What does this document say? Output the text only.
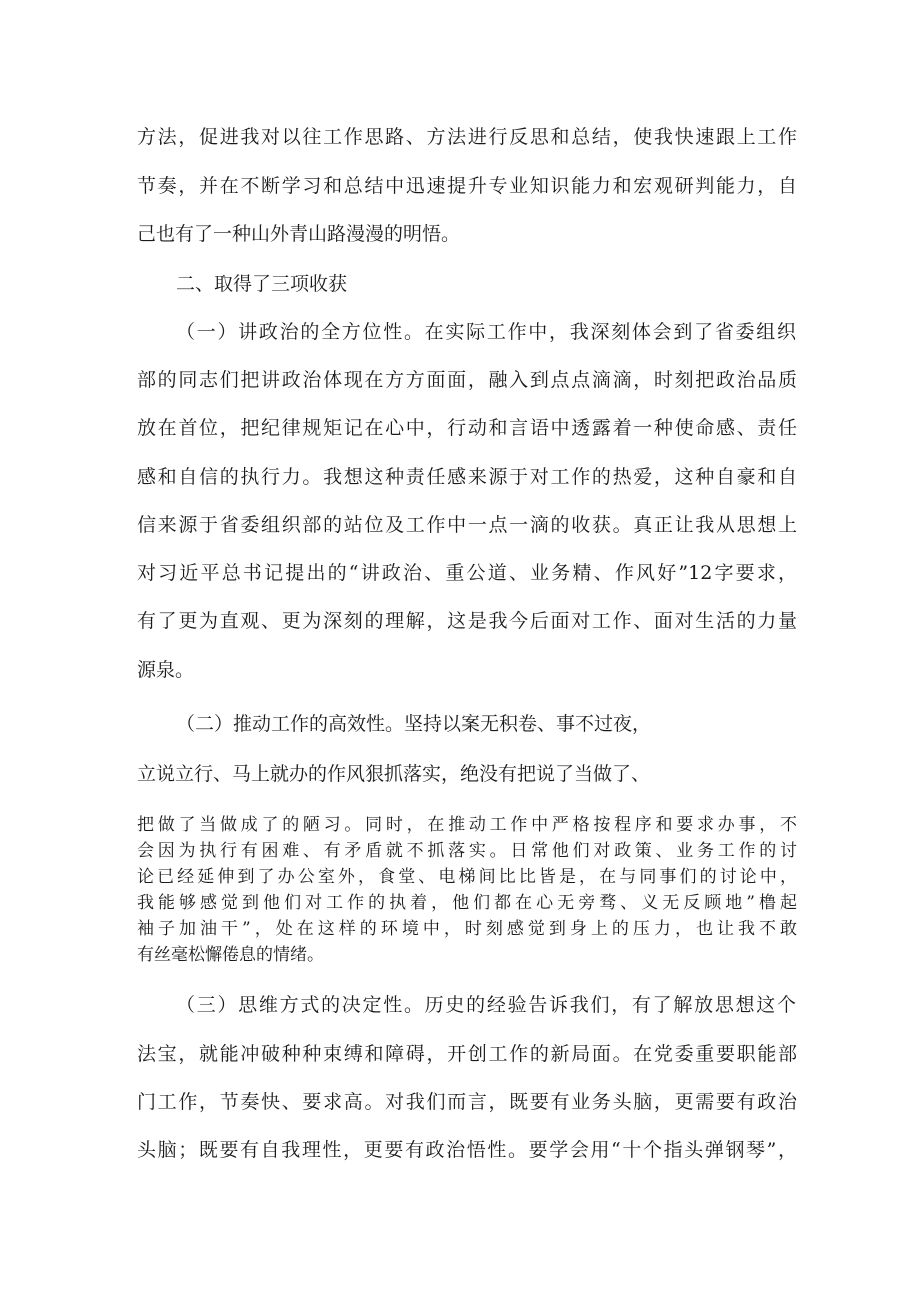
方法，促进我对以往工作思路、方法进行反思和总结，使我快速跟上工作

节奏，并在不断学习和总结中迅速提升专业知识能力和宏观研判能力，自

己也有了一种山外青山路漫漫的明悟。

二、取得了三项收获

（一）讲政治的全方位性。在实际工作中，我深刻体会到了省委组织

部的同志们把讲政治体现在方方面面，融入到点点滴滴，时刻把政治品质

放在首位，把纪律规矩记在心中，行动和言语中透露着一种使命感、责任

感和自信的执行力。我想这种责任感来源于对工作的热爱，这种自豪和自

信来源于省委组织部的站位及工作中一点一滴的收获。真正让我从思想上

对习近平总书记提出的“讲政治、重公道、业务精、作风好”12字要求，

有了更为直观、更为深刻的理解，这是我今后面对工作、面对生活的力量

源泉。

（二）推动工作的高效性。坚持以案无积卷、事不过夜，

立说立行、马上就办的作风狠抓落实，绝没有把说了当做了、

把做了当做成了的陋习。同时，在推动工作中严格按程序和要求办事，不

会因为执行有困难、有矛盾就不抓落实。日常他们对政策、业务工作的讨

论已经延伸到了办公室外，食堂、电梯间比比皆是，在与同事们的讨论中，

我能够感觉到他们对工作的执着，他们都在心无旁骛、义无反顾地”橹起

袖子加油干”，处在这样的环境中，时刻感觉到身上的压力，也让我不敢

有丝毫松懈倦息的情绪。

（三）思维方式的决定性。历史的经验告诉我们，有了解放思想这个

法宝，就能冲破种种束缚和障碍，开创工作的新局面。在党委重要职能部

门工作，节奏快、要求高。对我们而言，既要有业务头脑，更需要有政治

头脑；既要有自我理性，更要有政治悟性。要学会用“十个指头弹钢琴”，
